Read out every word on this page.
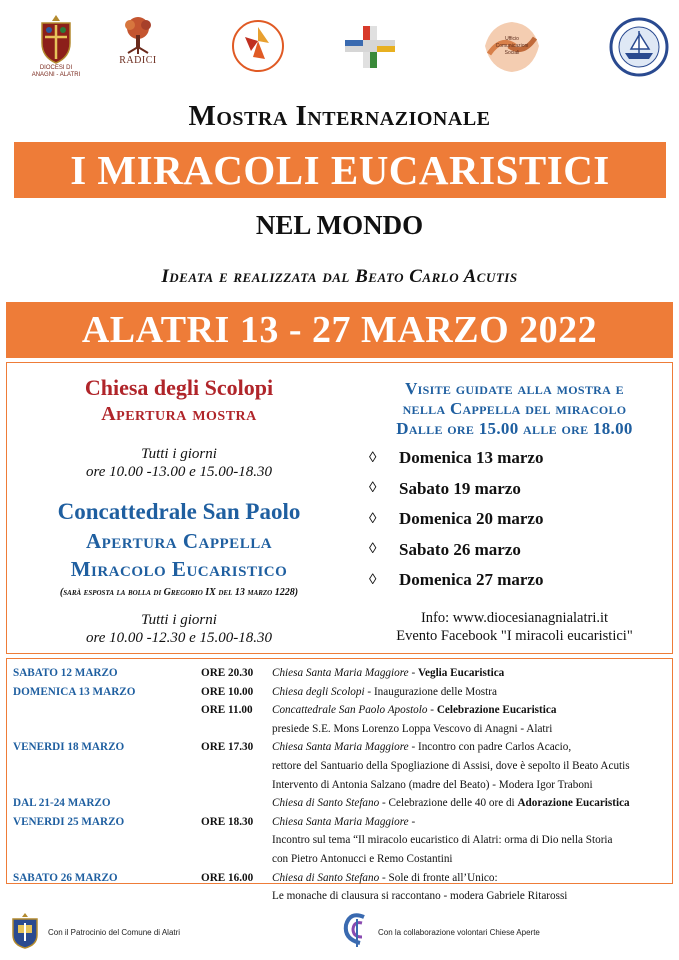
DIOCESI DI
ANAGNI - ALATRI
RADICI
Ufficio
Comunicazioni
Sociali
Mostra Internazionale
I MIRACOLI EUCARISTICI
NEL MONDO
Ideata e realizzata dal Beato Carlo Acutis
ALATRI 13 - 27 MARZO 2022
Chiesa degli Scolopi
Apertura mostra
Tutti i giorni
ore 10.00 -13.00 e 15.00-18.30
Concattedrale San Paolo
Apertura Cappella
Miracolo Eucaristico
(sarà esposta la bolla di Gregorio IX del 13 marzo 1228)
Tutti i giorni
ore 10.00 -12.30 e 15.00-18.30
Visite guidate alla mostra e
nella Cappella del miracolo
Dalle ore 15.00 alle ore 18.00
◊	Domenica 13 marzo
◊	Sabato 19 marzo
◊	Domenica 20 marzo
◊	Sabato 26 marzo
◊	Domenica 27 marzo
Info: www.diocesianagnialatri.it
Evento Facebook "I miracoli eucaristici"
SABATO 12 MARZO	ORE 20.30 Chiesa Santa Maria Maggiore - Veglia Eucaristica
DOMENICA 13 MARZO	ORE 10.00 Chiesa degli Scolopi - Inaugurazione delle Mostra
ORE 11.00 Concattedrale San Paolo Apostolo - Celebrazione Eucaristica
presiede S.E. Mons Lorenzo Loppa Vescovo di Anagni - Alatri
VENERDI 18 MARZO	ORE 17.30 Chiesa Santa Maria Maggiore - Incontro con padre Carlos Acacio,
rettore del Santuario della Spogliazione di Assisi, dove è sepolto il Beato Acutis
Intervento di Antonia Salzano (madre del Beato) - Modera Igor Traboni
DAL 21-24 MARZO	Chiesa di Santo Stefano - Celebrazione delle 40 ore di Adorazione Eucaristica
VENERDI 25 MARZO	ORE 18.30 Chiesa Santa Maria Maggiore -
Incontro sul tema “Il miracolo eucaristico di Alatri: orma di Dio nella Storia
con Pietro Antonucci e Remo Costantini
SABATO 26 MARZO	ORE 16.00 Chiesa di Santo Stefano - Sole di fronte all’Unico:
Le monache di clausura si raccontano - modera Gabriele Ritarossi
Con il Patrocinio del Comune di Alatri	Con la collaborazione volontari Chiese Aperte
